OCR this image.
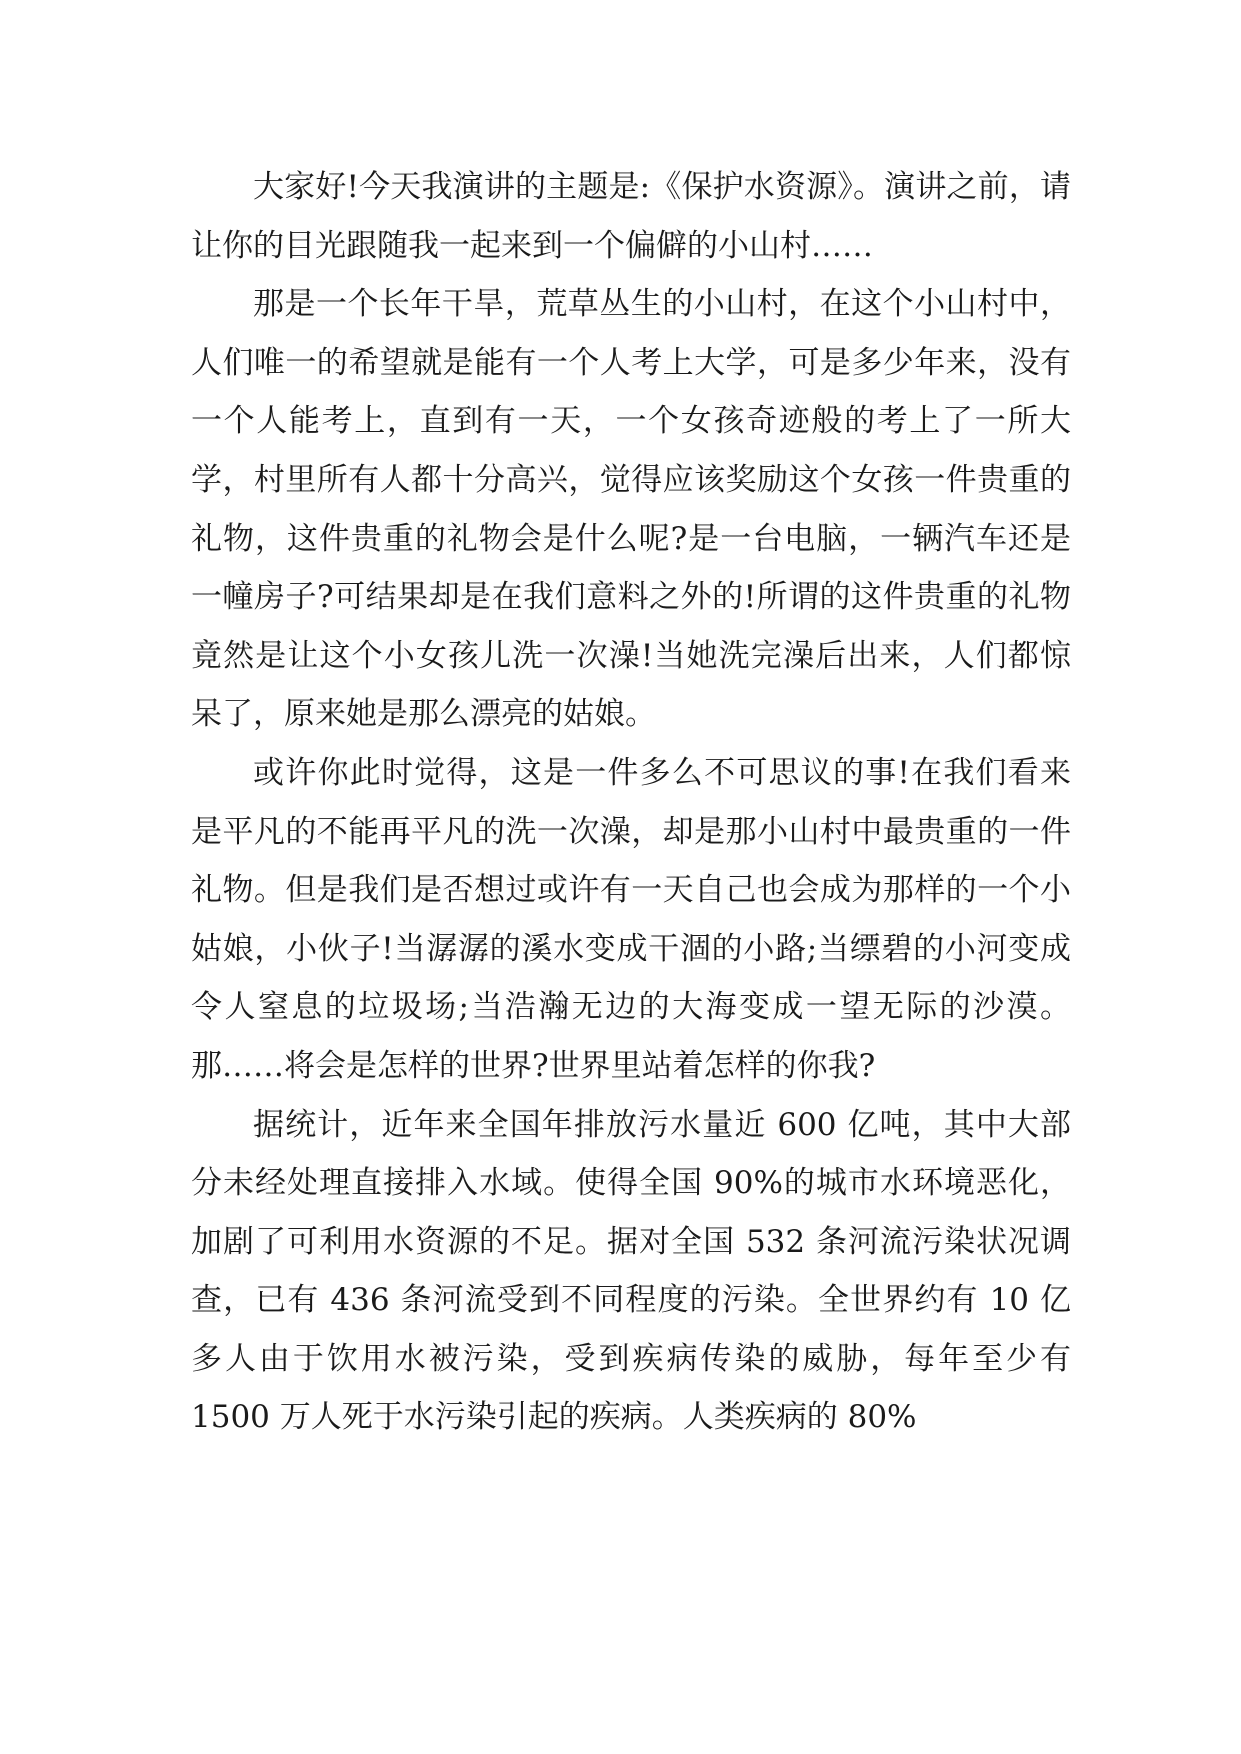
大家好!今天我演讲的主题是:《保护水资源》。演讲之前，请让你的目光跟随我一起来到一个偏僻的小山村……

那是一个长年干旱，荒草丛生的小山村，在这个小山村中，人们唯一的希望就是能有一个人考上大学，可是多少年来，没有一个人能考上，直到有一天，一个女孩奇迹般的考上了一所大学，村里所有人都十分高兴，觉得应该奖励这个女孩一件贵重的礼物，这件贵重的礼物会是什么呢?是一台电脑，一辆汽车还是一幢房子?可结果却是在我们意料之外的!所谓的这件贵重的礼物竟然是让这个小女孩儿洗一次澡!当她洗完澡后出来，人们都惊呆了，原来她是那么漂亮的姑娘。

或许你此时觉得，这是一件多么不可思议的事!在我们看来是平凡的不能再平凡的洗一次澡，却是那小山村中最贵重的一件礼物。但是我们是否想过或许有一天自己也会成为那样的一个小姑娘，小伙子!当潺潺的溪水变成干涸的小路;当缥碧的小河变成令人窒息的垃圾场;当浩瀚无边的大海变成一望无际的沙漠。那……将会是怎样的世界?世界里站着怎样的你我?

据统计，近年来全国年排放污水量近 600 亿吨，其中大部分未经处理直接排入水域。使得全国 90%的城市水环境恶化，加剧了可利用水资源的不足。据对全国 532 条河流污染状况调查，已有 436 条河流受到不同程度的污染。全世界约有 10 亿多人由于饮用水被污染，受到疾病传染的威胁，每年至少有 1500 万人死于水污染引起的疾病。人类疾病的 80%
